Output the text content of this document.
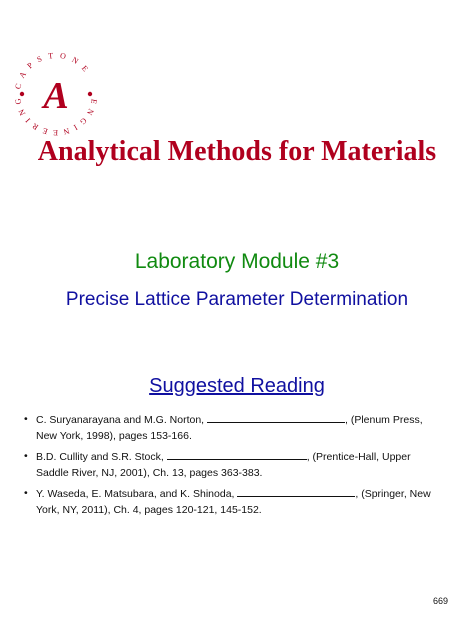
C A P S T O N E
E N G I N E E R I N G A
Analytical Methods for Materials
Laboratory Module #3
Precise Lattice Parameter Determination
Suggested Reading
• C. Suryanarayana and M.G. Norton,	, (Plenum Press, New York, 1998), pages 153-166.
• B.D. Cullity and S.R. Stock,	, (Prentice-Hall, Upper Saddle River, NJ, 2001), Ch. 13, pages 363-383.
• Y. Waseda, E. Matsubara, and K. Shinoda,	, (Springer, New York, NY, 2011), Ch. 4, pages 120-121, 145-152.
669
